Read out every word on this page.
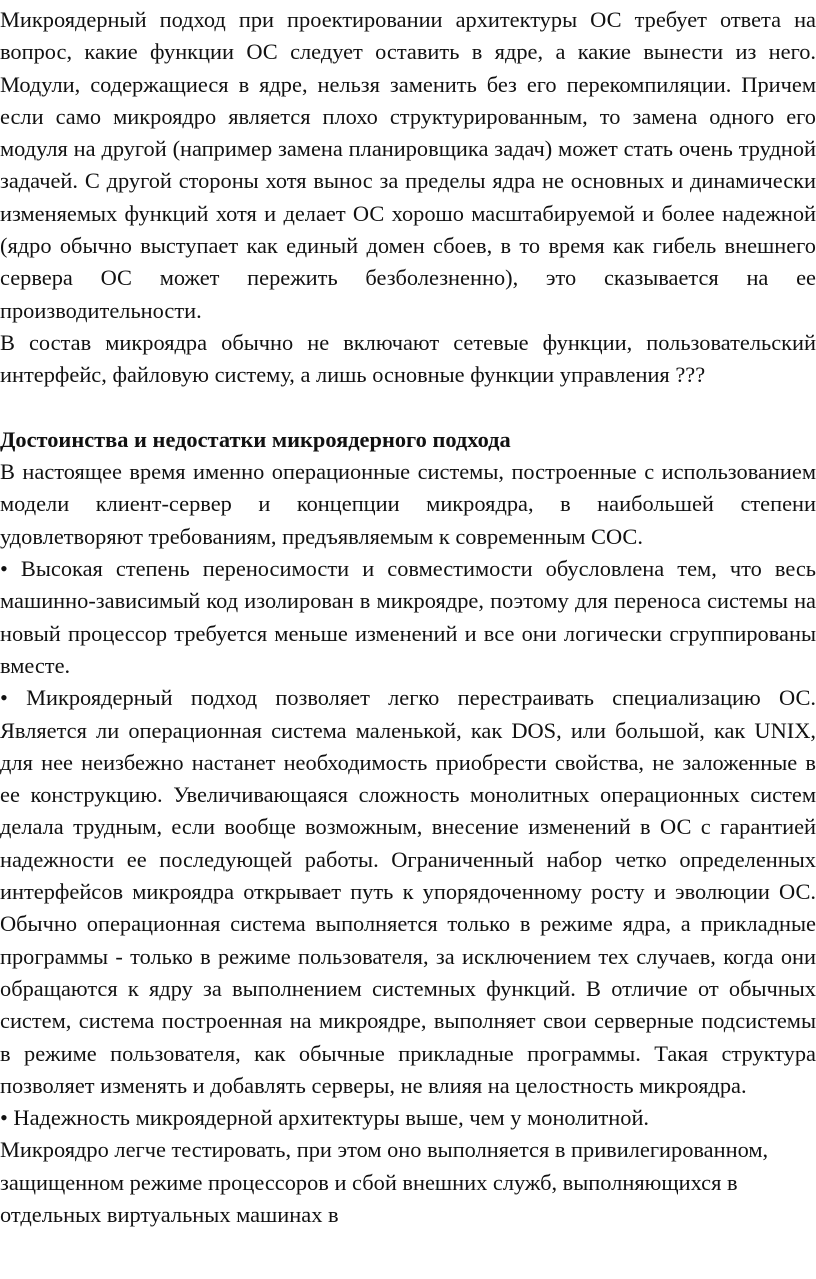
Микроядерный подход при проектировании архитектуры ОС требует ответа на вопрос, какие функции ОС следует оставить в ядре, а какие вынести из него. Модули, содержащиеся в ядре, нельзя заменить без его перекомпиляции. Причем если само микроядро является плохо структурированным, то замена одного его модуля на другой (например замена планировщика задач) может стать очень трудной задачей. С другой стороны хотя вынос за пределы ядра не основных и динамически изменяемых функций хотя и делает ОС хорошо масштабируемой и более надежной (ядро обычно выступает как единый домен сбоев, в то время как гибель внешнего сервера ОС может пережить безболезненно), это сказывается на ее производительности.

В состав микроядра обычно не включают сетевые функции, пользовательский интерфейс, файловую систему, а лишь основные функции управления ???

Достоинства и недостатки микроядерного подхода

В настоящее время именно операционные системы, построенные с использованием модели клиент-сервер и концепции микроядра, в наибольшей степени удовлетворяют требованиям, предъявляемым к современным СОС.

• Высокая степень переносимости и совместимости обусловлена тем, что весь машинно-зависимый код изолирован в микроядре, поэтому для переноса системы на новый процессор требуется меньше изменений и все они логически сгруппированы вместе.

• Микроядерный подход позволяет легко перестраивать специализацию ОС. Является ли операционная система маленькой, как DOS, или большой, как UNIX, для нее неизбежно настанет необходимость приобрести свойства, не заложенные в ее конструкцию. Увеличивающаяся сложность монолитных операционных систем делала трудным, если вообще возможным, внесение изменений в ОС с гарантией надежности ее последующей работы. Ограниченный набор четко определенных интерфейсов микроядра открывает путь к упорядоченному росту и эволюции ОС. Обычно операционная система выполняется только в режиме ядра, а прикладные программы - только в режиме пользователя, за исключением тех случаев, когда они обращаются к ядру за выполнением системных функций. В отличие от обычных систем, система построенная на микроядре, выполняет свои серверные подсистемы в режиме пользователя, как обычные прикладные программы. Такая структура позволяет изменять и добавлять серверы, не влияя на целостность микроядра.

• Надежность микроядерной архитектуры выше, чем у монолитной.

Микроядро легче тестировать, при этом оно выполняется в привилегированном, защищенном режиме процессоров и сбой внешних служб, выполняющихся в отдельных виртуальных машинах в
